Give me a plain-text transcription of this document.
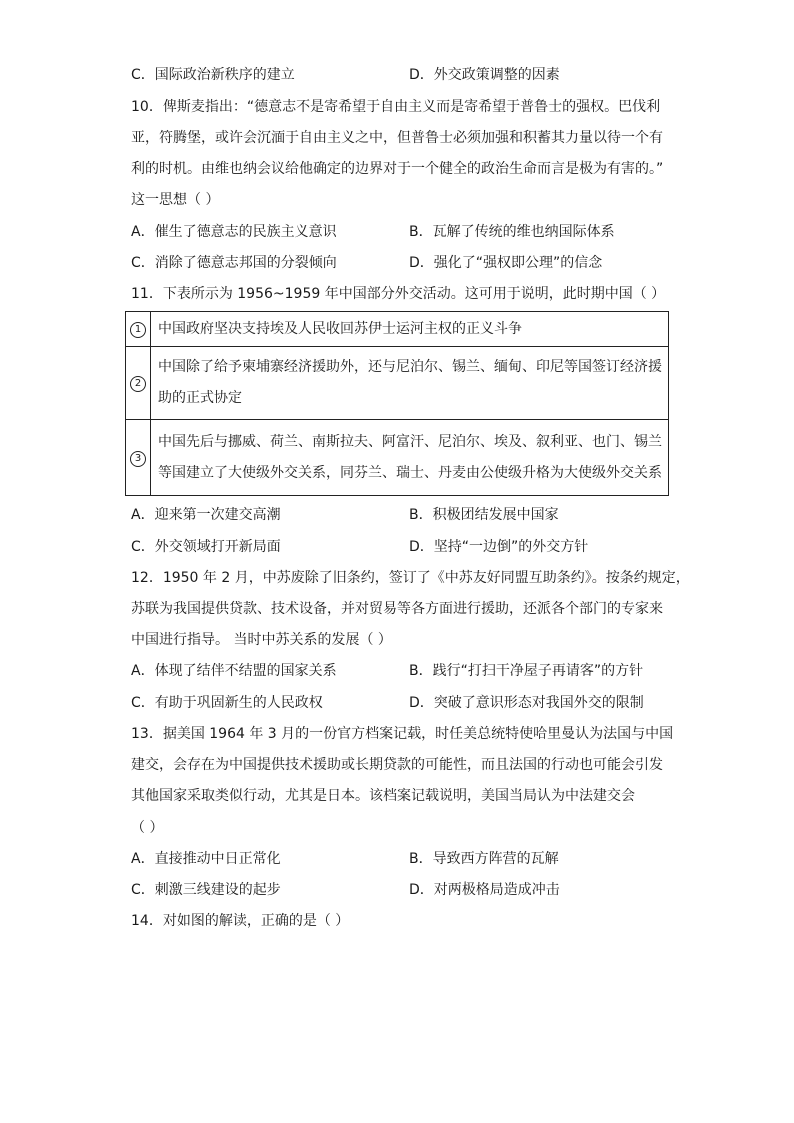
C．国际政治新秩序的建立	D．外交政策调整的因素
10．俾斯麦指出：“德意志不是寄希望于自由主义而是寄希望于普鲁士的强权。巴伐利
亚，符腾堡，或许会沉湎于自由主义之中，但普鲁士必须加强和积蓄其力量以待一个有
利的时机。由维也纳会议给他确定的边界对于一个健全的政治生命而言是极为有害的。”
这一思想（ ）
A．催生了德意志的民族主义意识	B．瓦解了传统的维也纳国际体系
C．消除了德意志邦国的分裂倾向	D．强化了“强权即公理”的信念
11．下表所示为 1956~1959 年中国部分外交活动。这可用于说明，此时期中国（ ）
1	中国政府坚决支持埃及人民收回苏伊士运河主权的正义斗争

2	中国除了给予柬埔寨经济援助外，还与尼泊尔、锡兰、缅甸、印尼等国签订经济援
助的正式协定

3	中国先后与挪威、荷兰、南斯拉夫、阿富汗、尼泊尔、埃及、叙利亚、也门、锡兰
等国建立了大使级外交关系，同芬兰、瑞士、丹麦由公使级升格为大使级外交关系
A．迎来第一次建交高潮	B．积极团结发展中国家
C．外交领域打开新局面	D．坚持“一边倒”的外交方针
12．1950 年 2 月，中苏废除了旧条约，签订了《中苏友好同盟互助条约》。按条约规定，
苏联为我国提供贷款、技术设备，并对贸易等各方面进行援助，还派各个部门的专家来
中国进行指导。 当时中苏关系的发展（ ）
A．体现了结伴不结盟的国家关系	B．践行“打扫干净屋子再请客”的方针
C．有助于巩固新生的人民政权	D．突破了意识形态对我国外交的限制
13．据美国 1964 年 3 月的一份官方档案记载，时任美总统特使哈里曼认为法国与中国
建交，会存在为中国提供技术援助或长期贷款的可能性，而且法国的行动也可能会引发
其他国家采取类似行动，尤其是日本。该档案记载说明，美国当局认为中法建交会
（ ）
A．直接推动中日正常化	B．导致西方阵营的瓦解
C．刺激三线建设的起步	D．对两极格局造成冲击
14．对如图的解读，正确的是（ ）
